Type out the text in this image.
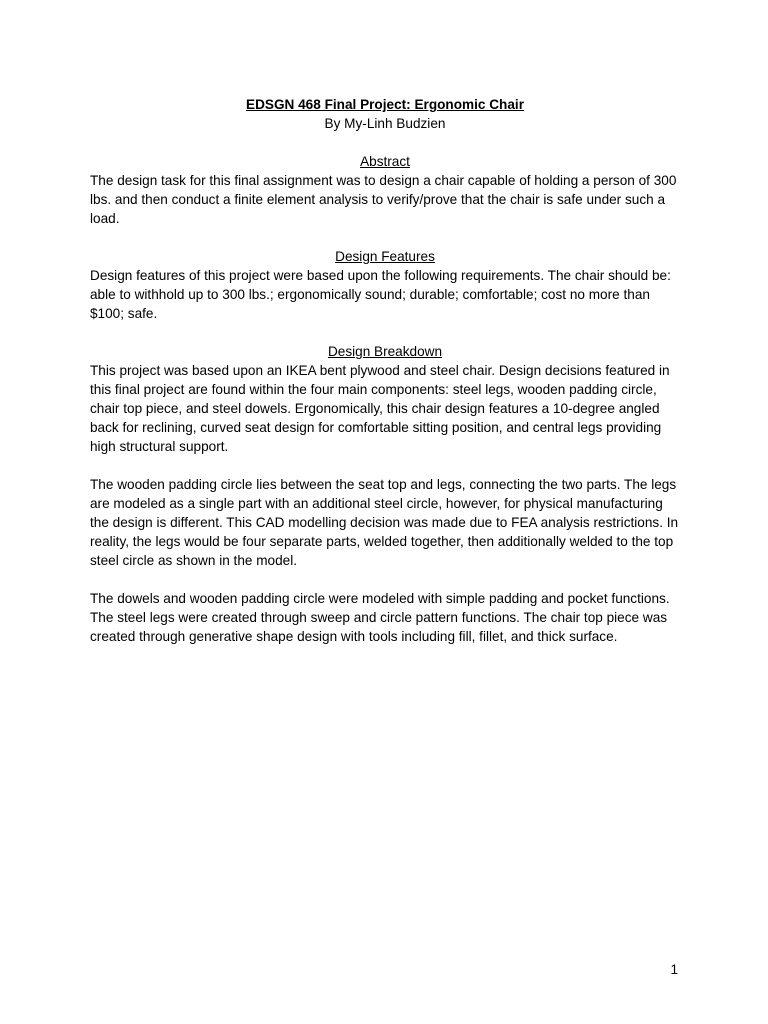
EDSGN 468 Final Project: Ergonomic Chair

By My-Linh Budzien

Abstract

The design task for this final assignment was to design a chair capable of holding a person of 300 lbs. and then conduct a finite element analysis to verify/prove that the chair is safe under such a load.

Design Features

Design features of this project were based upon the following requirements. The chair should be: able to withhold up to 300 lbs.; ergonomically sound; durable; comfortable; cost no more than $100; safe.

Design Breakdown

This project was based upon an IKEA bent plywood and steel chair. Design decisions featured in this final project are found within the four main components: steel legs, wooden padding circle, chair top piece, and steel dowels. Ergonomically, this chair design features a 10-degree angled back for reclining, curved seat design for comfortable sitting position, and central legs providing high structural support.

The wooden padding circle lies between the seat top and legs, connecting the two parts. The legs are modeled as a single part with an additional steel circle, however, for physical manufacturing the design is different. This CAD modelling decision was made due to FEA analysis restrictions. In reality, the legs would be four separate parts, welded together, then additionally welded to the top steel circle as shown in the model.

The dowels and wooden padding circle were modeled with simple padding and pocket functions. The steel legs were created through sweep and circle pattern functions. The chair top piece was created through generative shape design with tools including fill, fillet, and thick surface.

1
